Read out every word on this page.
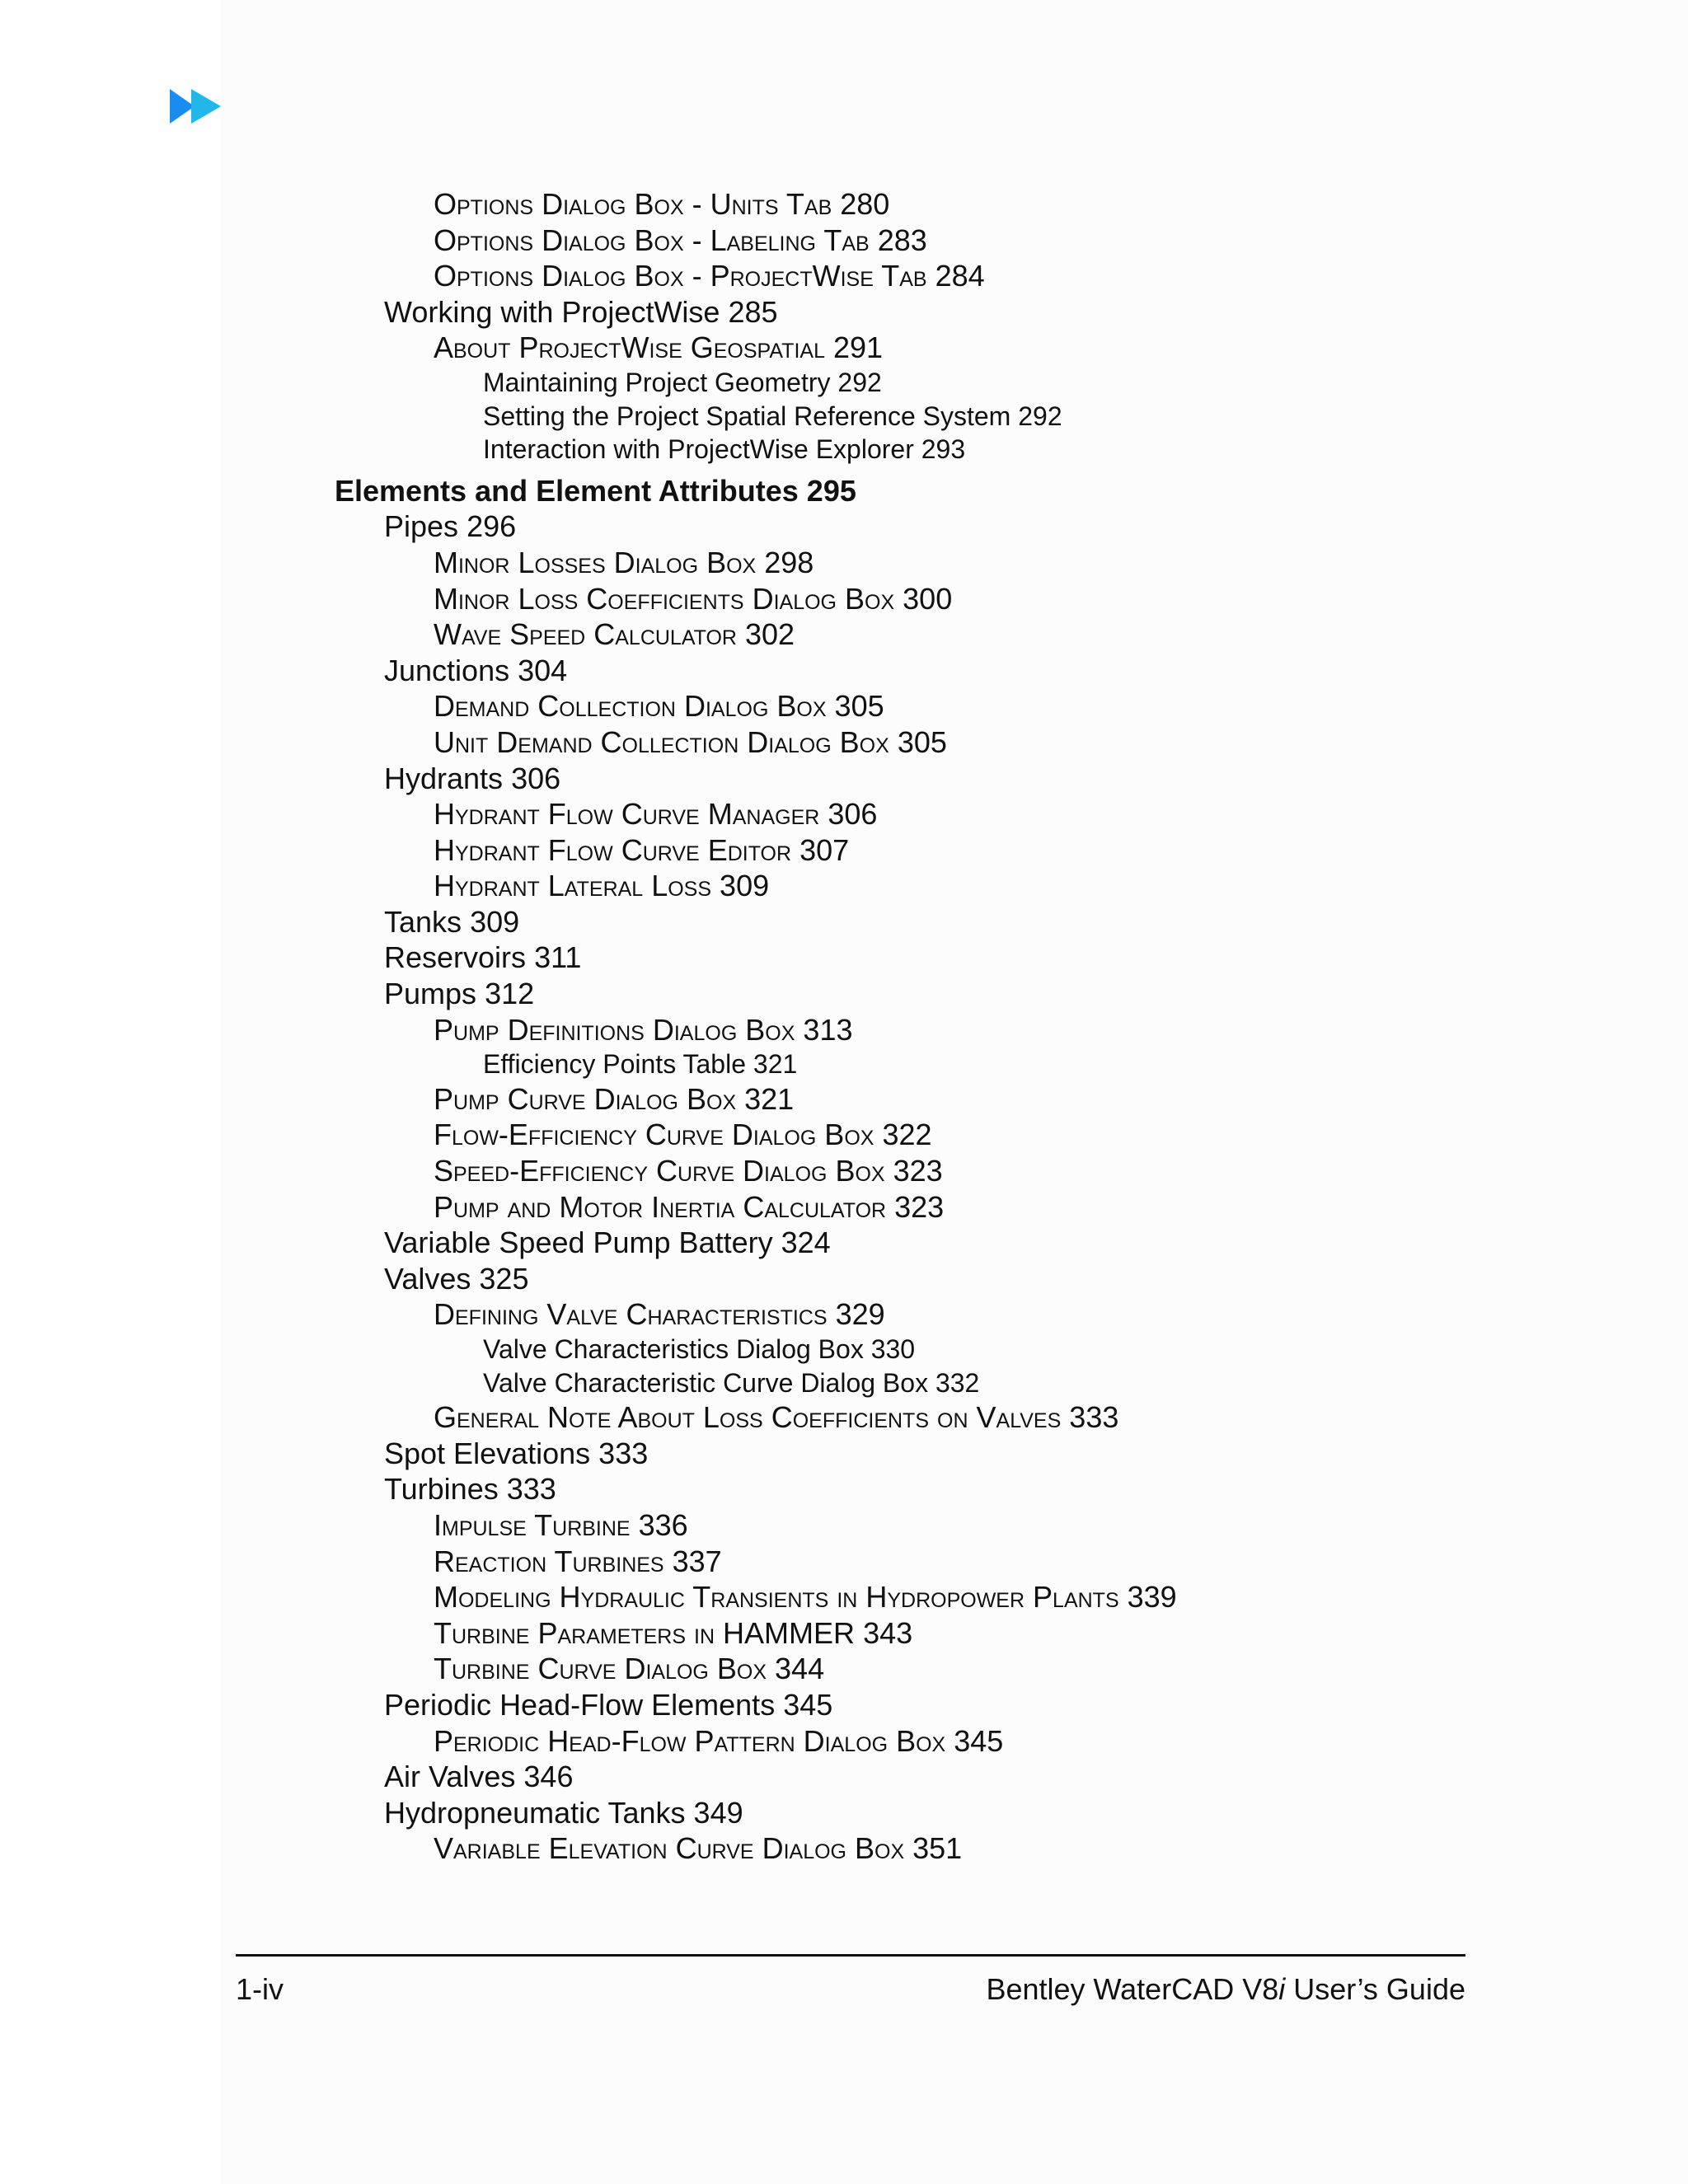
Options Dialog Box - Units Tab 280
Options Dialog Box - Labeling Tab 283
Options Dialog Box - ProjectWise Tab 284
Working with ProjectWise 285
About ProjectWise Geospatial 291
Maintaining Project Geometry 292
Setting the Project Spatial Reference System 292
Interaction with ProjectWise Explorer 293
Elements and Element Attributes 295
Pipes 296
Minor Losses Dialog Box 298
Minor Loss Coefficients Dialog Box 300
Wave Speed Calculator 302
Junctions 304
Demand Collection Dialog Box 305
Unit Demand Collection Dialog Box 305
Hydrants 306
Hydrant Flow Curve Manager 306
Hydrant Flow Curve Editor 307
Hydrant Lateral Loss 309
Tanks 309
Reservoirs 311
Pumps 312
Pump Definitions Dialog Box 313
Efficiency Points Table 321
Pump Curve Dialog Box 321
Flow-Efficiency Curve Dialog Box 322
Speed-Efficiency Curve Dialog Box 323
Pump and Motor Inertia Calculator 323
Variable Speed Pump Battery 324
Valves 325
Defining Valve Characteristics 329
Valve Characteristics Dialog Box 330
Valve Characteristic Curve Dialog Box 332
General Note About Loss Coefficients on Valves 333
Spot Elevations 333
Turbines 333
Impulse Turbine 336
Reaction Turbines 337
Modeling Hydraulic Transients in Hydropower Plants 339
Turbine Parameters in HAMMER 343
Turbine Curve Dialog Box 344
Periodic Head-Flow Elements 345
Periodic Head-Flow Pattern Dialog Box 345
Air Valves 346
Hydropneumatic Tanks 349
Variable Elevation Curve Dialog Box 351
1-iv	Bentley WaterCAD V8i User’s Guide
